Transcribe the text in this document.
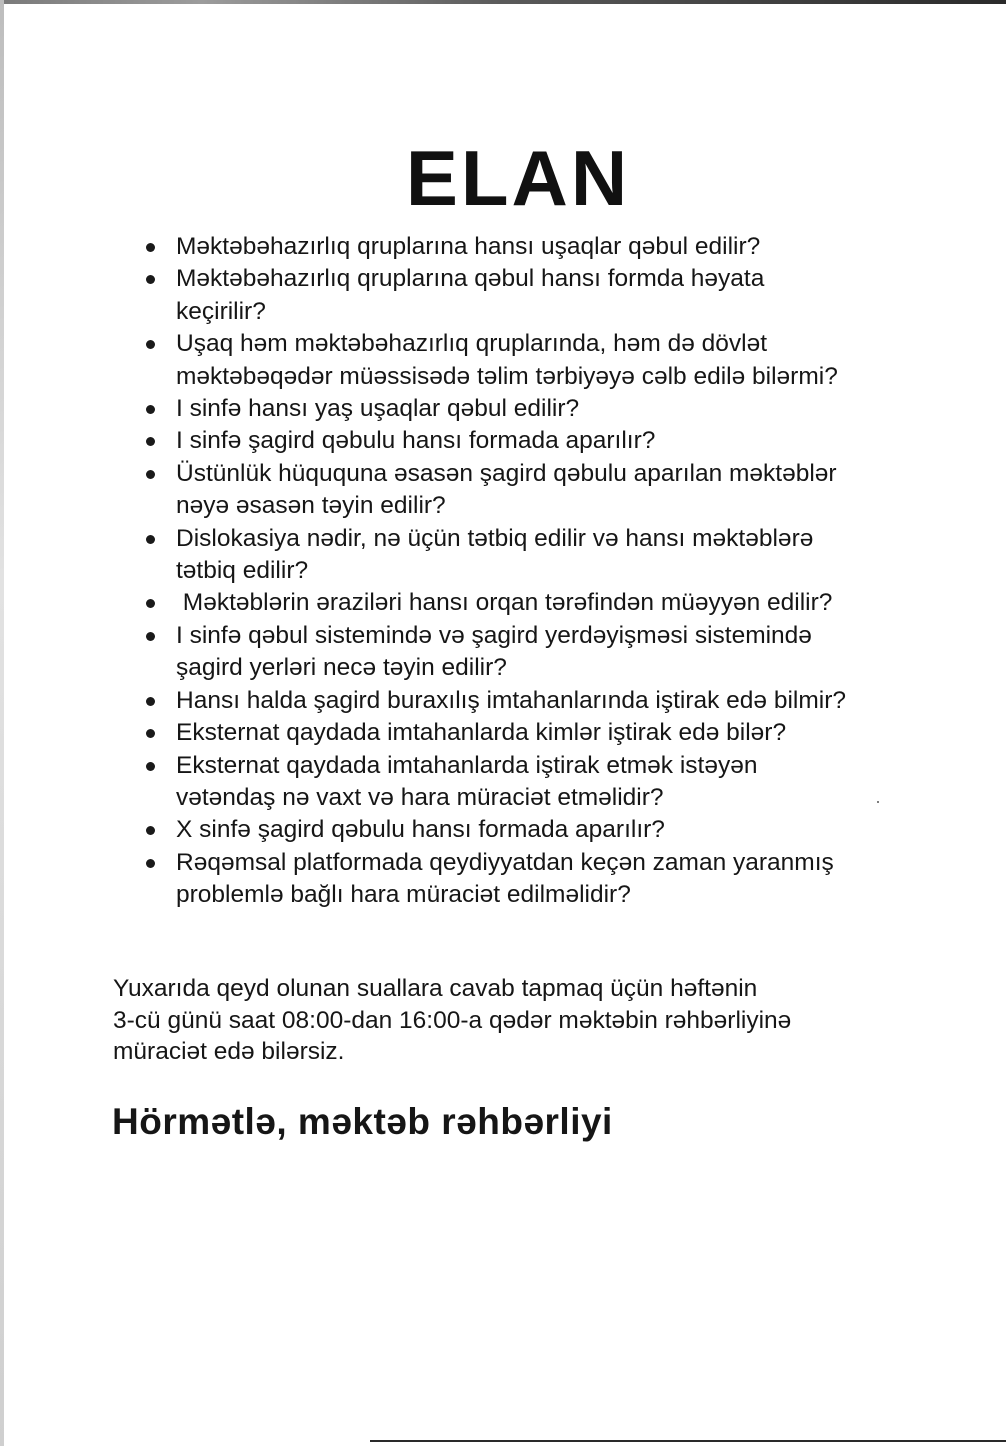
ELAN
Məktəbəhazırlıq qruplarına hansı uşaqlar qəbul edilir?
Məktəbəhazırlıq qruplarına qəbul hansı formda həyata
keçirilir?
Uşaq həm məktəbəhazırlıq qruplarında, həm də dövlət
məktəbəqədər müəssisədə təlim tərbiyəyə cəlb edilə bilərmi?
I sinfə hansı yaş uşaqlar qəbul edilir?
I sinfə şagird qəbulu hansı formada aparılır?
Üstünlük hüququna əsasən şagird qəbulu aparılan məktəblər
nəyə əsasən təyin edilir?
Dislokasiya nədir, nə üçün tətbiq edilir və hansı məktəblərə
tətbiq edilir?
Məktəblərin əraziləri hansı orqan tərəfindən müəyyən edilir?
I sinfə qəbul sistemində və şagird yerdəyişməsi sistemində
şagird yerləri necə təyin edilir?
Hansı halda şagird buraxılış imtahanlarında iştirak edə bilmir?
Eksternat qaydada imtahanlarda kimlər iştirak edə bilər?
Eksternat qaydada imtahanlarda iştirak etmək istəyən
vətəndaş nə vaxt və hara müraciət etməlidir?
X sinfə şagird qəbulu hansı formada aparılır?
Rəqəmsal platformada qeydiyyatdan keçən zaman yaranmış
problemlə bağlı hara müraciət edilməlidir?

Yuxarıda qeyd olunan suallara cavab tapmaq üçün həftənin
3-cü günü saat 08:00-dan 16:00-a qədər məktəbin rəhbərliyinə
müraciət edə bilərsiz.

Hörmətlə, məktəb rəhbərliyi
